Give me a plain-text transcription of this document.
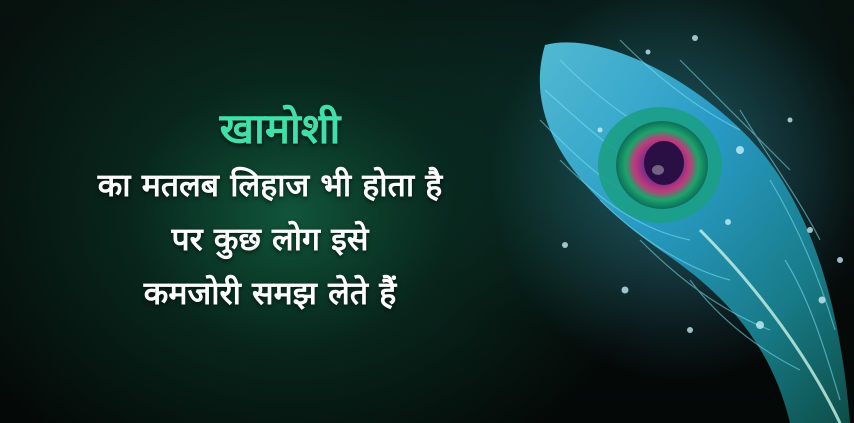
खामोशी
का मतलब लिहाज भी होता है
पर कुछ लोग इसे
कमजोरी समझ लेते हैं
